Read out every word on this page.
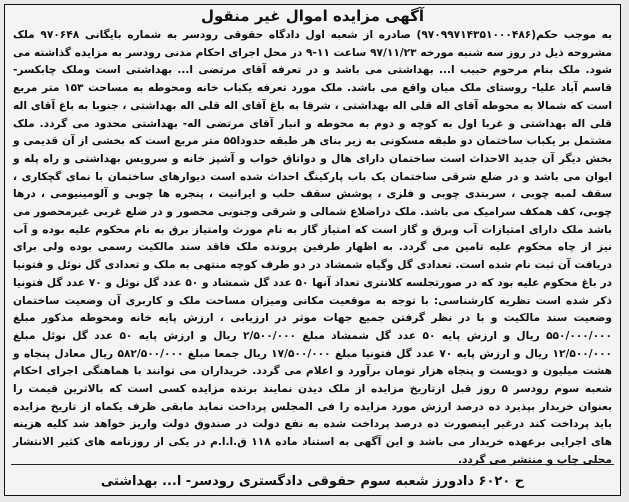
آگهی مزایده اموال غیر منقول

به موجب حکم(۹۷۰۹۹۷۱۴۳۵۱۰۰۰۴۸۶) صادره از شعبه اول دادگاه حقوقی رودسر به شماره بایگانی ۹۷۰۶۴۸ ملک مشروحه ذیل در روز سه شنبه مورخه ۹۷/۱۱/۲۳ ساعت ۱۱-۹ در محل اجرای احکام مدنی رودسر به مزایده گذاشته می شود. ملک بنام مرحوم حبیب ا... بهداشتی می باشد و در تعرفه آقای مرتضی ا... بهداشتی است وملک چابکسر- قاسم آباد علیا- روستای ملک میان واقع می باشد. ملک مورد تعرفه یکباب خانه ومحوطه به مساحت ۱۵۳ متر مربع است که شمالا به محوطه آقای اله قلی اله بهداشتی ، شرقا به باغ آقای اله قلی اله بهداشتی ، جنوبا به باغ آقای اله قلی اله بهداشتی و غربا اول به کوچه و دوم به محوطه و انبار آقای مرتضی اله- بهداشتی محدود می گردد. ملک مشتمل بر یکباب ساختمان دو طبقه مسکونی به زیر بنای هر طبقه حدودا۵۵ متر مربع است که بخشی از آن قدیمی و بخش دیگر آن جدید الاحداث است ساختمان دارای هال و دواتاق خواب و آشپز خانه و سرویس بهداشتی و راه پله و ایوان می باشد و در ضلع شرقی ساختمان یک باب پارکینگ احداث شده است دیوارهای ساختمان با نمای گچکاری ، سقف لمبه چوبی ، سربندی چوبی و فلزی ، پوشش سقف حلب و ایرانیت ، پنجره ها چوبی و آلومینیومی ، درها چوبی، کف همکف سرامیک می باشد. ملک دراضلاع شمالی و شرقی وجنوبی محصور و در ضلع غربی غیرمحصور می باشد ملک دارای امتیازات آب وبرق و گاز است که امتیاز گاز به نام مورث وامتیاز برق به نام محکوم علیه بوده و آب نیز از چاه محکوم علیه تامین می گردد. به اظهار طرفین پرونده ملک فاقد سند مالکیت رسمی بوده ولی برای دریافت آن ثبت نام شده است. تعدادی گل وگیاه شمشاد در دو طرف کوچه منتهی به ملک و تعدادی گل نوئل و فتونیا در باغ محکوم علیه بود که در صورتجلسه کلانتری تعداد آنها ۵۰ عدد گل شمشاد و ۵۰ عدد گل نوئل و ۷۰ عدد گل فتونیا ذکر شده است نظریه کارشناسی: با توجه به موقعیت مکانی ومیزان مساحت ملک و کاربری آن وضعیت ساختمان وضعیت سند مالکیت و با در نظر گرفتن جمیع جهات موثر در ارزیابی ، ارزش پایه خانه ومحوطه مذکور مبلغ ۵۵۰/۰۰۰/۰۰۰ ریال و ارزش پایه ۵۰ عدد گل شمشاد مبلغ ۲/۵۰۰/۰۰۰ ریال و ارزش پایه ۵۰ عدد گل نوئل مبلغ ۱۲/۵۰۰/۰۰۰ ریال و ارزش پایه ۷۰ عدد گل فتونیا مبلغ ۱۷/۵۰۰/۰۰۰ ریال جمعا مبلغ ۵۸۲/۵۰۰/۰۰۰ ریال معادل پنجاه و هشت میلیون و دویست و پنجاه هزار تومان برآورد و اعلام می گردد. خریداران می توانند با هماهنگی اجرای احکام شعبه سوم رودسر ۵ روز قبل ازتاریخ مزایده از ملک دیدن نمایند برنده مزایده کسی است که بالاترین قیمت را بعنوان خریدار بپذیرد ده درصد ارزش مورد مزایده را فی المجلس پرداخت نماید مابقی ظرف یکماه از تاریخ مزایده باید پرداخت کند درغیر اینصورت ده درصد پرداخت شده به نفع دولت در صندوق دولت واریز خواهد شد کلیه هزینه های اجرایی برعهده خریدار می باشد و این آگهی به استناد ماده ۱۱۸ ق.ا.ا.م در یکی از روزنامه های کثیر الانتشار محلی چاپ و منتشر می گردد.

ح ۶۰۲۰ دادورز شعبه سوم حقوقی دادگستری رودسر- ا... بهداشتی
